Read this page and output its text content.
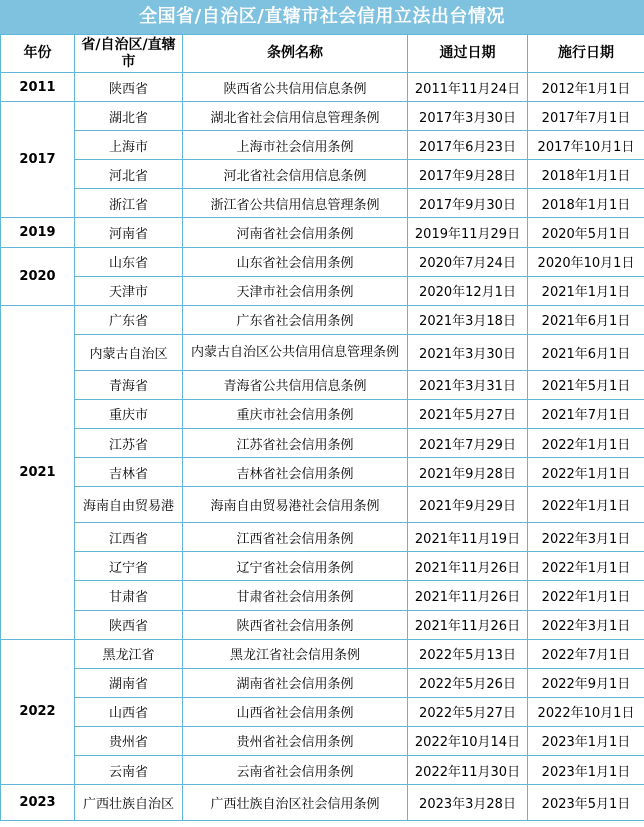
全国省/自治区/直辖市社会信用立法出台情况
年份	省/自治区/直辖市	条例名称	通过日期	施行日期
2011	陕西省	陕西省公共信用信息条例	2011年11月24日	2012年1月1日
2017	湖北省	湖北省社会信用信息管理条例	2017年3月30日	2017年7月1日
	上海市	上海市社会信用条例	2017年6月23日	2017年10月1日
	河北省	河北省社会信用信息条例	2017年9月28日	2018年1月1日
	浙江省	浙江省公共信用信息管理条例	2017年9月30日	2018年1月1日
2019	河南省	河南省社会信用条例	2019年11月29日	2020年5月1日
2020	山东省	山东省社会信用条例	2020年7月24日	2020年10月1日
	天津市	天津市社会信用条例	2020年12月1日	2021年1月1日
2021	广东省	广东省社会信用条例	2021年3月18日	2021年6月1日
	内蒙古自治区	内蒙古自治区公共信用信息管理条例	2021年3月30日	2021年6月1日
	青海省	青海省公共信用信息条例	2021年3月31日	2021年5月1日
	重庆市	重庆市社会信用条例	2021年5月27日	2021年7月1日
	江苏省	江苏省社会信用条例	2021年7月29日	2022年1月1日
	吉林省	吉林省社会信用条例	2021年9月28日	2022年1月1日
	海南自由贸易港	海南自由贸易港社会信用条例	2021年9月29日	2022年1月1日
	江西省	江西省社会信用条例	2021年11月19日	2022年3月1日
	辽宁省	辽宁省社会信用条例	2021年11月26日	2022年1月1日
	甘肃省	甘肃省社会信用条例	2021年11月26日	2022年1月1日
	陕西省	陕西省社会信用条例	2021年11月26日	2022年3月1日
2022	黑龙江省	黑龙江省社会信用条例	2022年5月13日	2022年7月1日
	湖南省	湖南省社会信用条例	2022年5月26日	2022年9月1日
	山西省	山西省社会信用条例	2022年5月27日	2022年10月1日
	贵州省	贵州省社会信用条例	2022年10月14日	2023年1月1日
	云南省	云南省社会信用条例	2022年11月30日	2023年1月1日
2023	广西壮族自治区	广西壮族自治区社会信用条例	2023年3月28日	2023年5月1日
